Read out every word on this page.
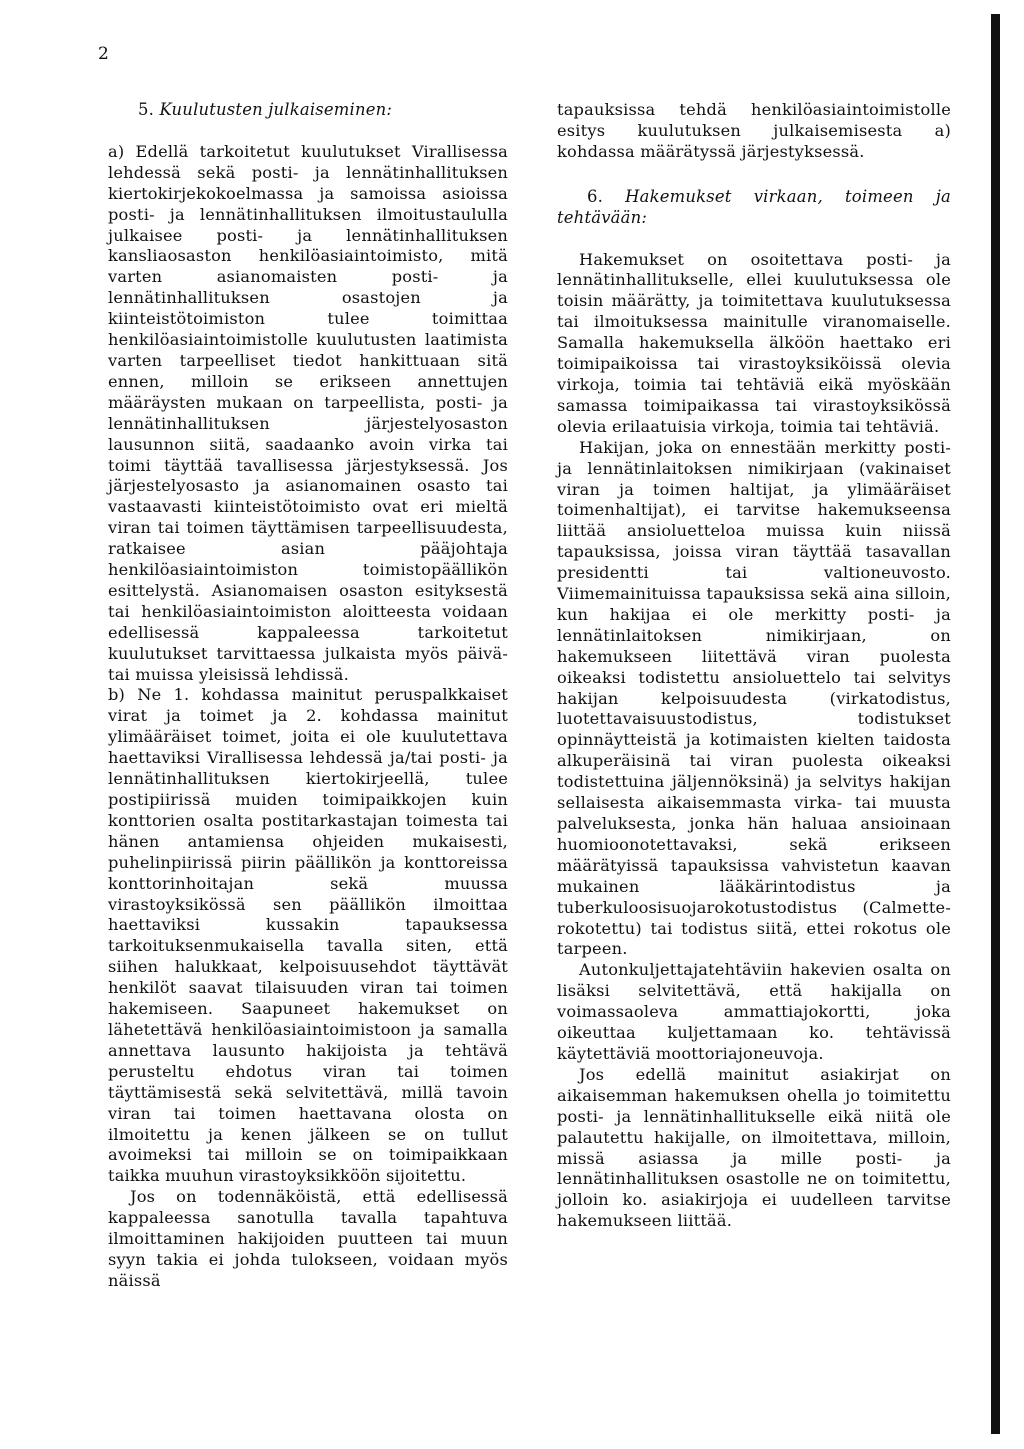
2
5. Kuulutusten julkaiseminen:

a) Edellä tarkoitetut kuulutukset Virallisessa lehdessä sekä posti- ja lennätinhallituksen kiertokirjekokoelmassa ja samoissa asioissa posti- ja lennätinhallituksen ilmoitustaululla julkaisee posti- ja lennätinhallituksen kansliaosaston henkilöasiaintoimisto, mitä varten asianomaisten posti- ja lennätinhallituksen osastojen ja kiinteistötoimiston tulee toimittaa henkilöasiaintoimistolle kuulutusten laatimista varten tarpeelliset tiedot hankittuaan sitä ennen, milloin se erikseen annettujen määräysten mukaan on tarpeellista, posti- ja lennätinhallituksen järjestelyosaston lausunnon siitä, saadaanko avoin virka tai toimi täyttää tavallisessa järjestyksessä. Jos järjestelyosasto ja asianomainen osasto tai vastaavasti kiinteistötoimisto ovat eri mieltä viran tai toimen täyttämisen tarpeellisuudesta, ratkaisee asian pääjohtaja henkilöasiaintoimiston toimistopäällikön esittelystä. Asianomaisen osaston esityksestä tai henkilöasiaintoimiston aloitteesta voidaan edellisessä kappaleessa tarkoitetut kuulutukset tarvittaessa julkaista myös päivä- tai muissa yleisissä lehdissä.

b) Ne 1. kohdassa mainitut peruspalkkaiset virat ja toimet ja 2. kohdassa mainitut ylimääräiset toimet, joita ei ole kuulutettava haettaviksi Virallisessa lehdessä ja/tai posti- ja lennätinhallituksen kiertokirjeellä, tulee postipiirissä muiden toimipaikkojen kuin konttorien osalta postitarkastajan toimesta tai hänen antamiensa ohjeiden mukaisesti, puhelinpiirissä piirin päällikön ja konttoreissa konttorinhoitajan sekä muussa virastoyksikössä sen päällikön ilmoittaa haettaviksi kussakin tapauksessa tarkoituksenmukaisella tavalla siten, että siihen halukkaat, kelpoisuusehdot täyttävät henkilöt saavat tilaisuuden viran tai toimen hakemiseen. Saapuneet hakemukset on lähetettävä henkilöasiaintoimistoon ja samalla annettava lausunto hakijoista ja tehtävä perusteltu ehdotus viran tai toimen täyttämisestä sekä selvitettävä, millä tavoin viran tai toimen haettavana olosta on ilmoitettu ja kenen jälkeen se on tullut avoimeksi tai milloin se on toimipaikkaan taikka muuhun virastoyksikköön sijoitettu.

Jos on todennäköistä, että edellisessä kappaleessa sanotulla tavalla tapahtuva ilmoittaminen hakijoiden puutteen tai muun syyn takia ei johda tulokseen, voidaan myös näissä

tapauksissa tehdä henkilöasiaintoimistolle esitys kuulutuksen julkaisemisesta a) kohdassa määrätyssä järjestyksessä.

6. Hakemukset virkaan, toimeen ja tehtävään:

Hakemukset on osoitettava posti- ja lennätinhallitukselle, ellei kuulutuksessa ole toisin määrätty, ja toimitettava kuulutuksessa tai ilmoituksessa mainitulle viranomaiselle. Samalla hakemuksella älköön haettako eri toimipaikoissa tai virastoyksiköissä olevia virkoja, toimia tai tehtäviä eikä myöskään samassa toimipaikassa tai virastoyksikössä olevia erilaatuisia virkoja, toimia tai tehtäviä.

Hakijan, joka on ennestään merkitty posti- ja lennätinlaitoksen nimikirjaan (vakinaiset viran ja toimen haltijat, ja ylimääräiset toimenhaltijat), ei tarvitse hakemukseensa liittää ansioluetteloa muissa kuin niissä tapauksissa, joissa viran täyttää tasavallan presidentti tai valtioneuvosto. Viimemainituissa tapauksissa sekä aina silloin, kun hakijaa ei ole merkitty posti- ja lennätinlaitoksen nimikirjaan, on hakemukseen liitettävä viran puolesta oikeaksi todistettu ansioluettelo tai selvitys hakijan kelpoisuudesta (virkatodistus, luotettavaisuustodistus, todistukset opinnäytteistä ja kotimaisten kielten taidosta alkuperäisinä tai viran puolesta oikeaksi todistettuina jäljennöksinä) ja selvitys hakijan sellaisesta aikaisemmasta virka- tai muusta palveluksesta, jonka hän haluaa ansioinaan huomioonotettavaksi, sekä erikseen määrätyissä tapauksissa vahvistetun kaavan mukainen lääkärintodistus ja tuberkuloosisuojarokotustodistus (Calmette-rokotettu) tai todistus siitä, ettei rokotus ole tarpeen.

Autonkuljettajatehtäviin hakevien osalta on lisäksi selvitettävä, että hakijalla on voimassaoleva ammattiajokortti, joka oikeuttaa kuljettamaan ko. tehtävissä käytettäviä moottoriajoneuvoja.

Jos edellä mainitut asiakirjat on aikaisemman hakemuksen ohella jo toimitettu posti- ja lennätinhallitukselle eikä niitä ole palautettu hakijalle, on ilmoitettava, milloin, missä asiassa ja mille posti- ja lennätinhallituksen osastolle ne on toimitettu, jolloin ko. asiakirjoja ei uudelleen tarvitse hakemukseen liittää.
